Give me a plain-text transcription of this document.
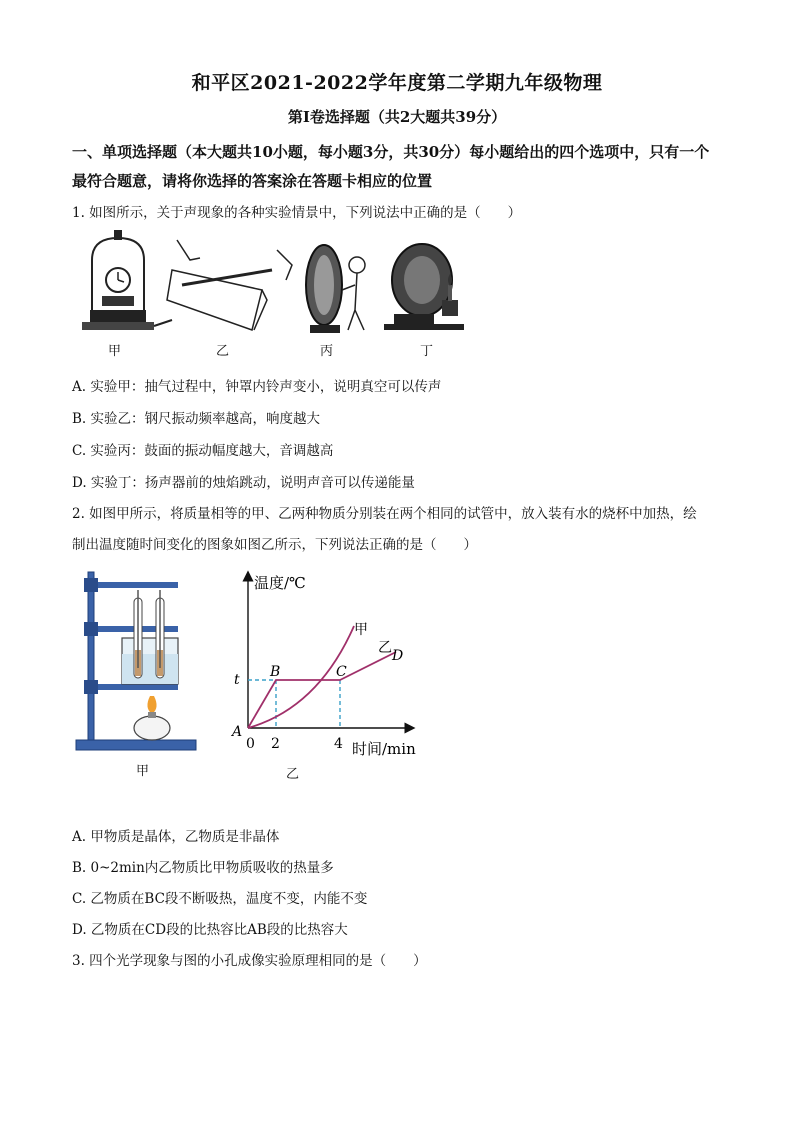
和平区2021-2022学年度第二学期九年级物理
第I卷选择题（共2大题共39分）
一、单项选择题（本大题共10小题，每小题3分，共30分）每小题给出的四个选项中，只有一个最符合题意，请将你选择的答案涂在答题卡相应的位置
1. 如图所示，关于声现象的各种实验情景中，下列说法中正确的是（　　）
甲	乙	丙	丁
A. 实验甲：抽气过程中，钟罩内铃声变小，说明真空可以传声
B. 实验乙：钢尺振动频率越高，响度越大
C. 实验丙：鼓面的振动幅度越大，音调越高
D. 实验丁：扬声器前的烛焰跳动，说明声音可以传递能量
2. 如图甲所示，将质量相等的甲、乙两种物质分别装在两个相同的试管中，放入装有水的烧杯中加热，绘
制出温度随时间变化的图象如图乙所示，下列说法正确的是（　　）
甲
温度/℃
时间/min
t
0 2	4
A
B	C
D
甲
乙
乙
A. 甲物质是晶体，乙物质是非晶体
B. 0~2min内乙物质比甲物质吸收的热量多
C. 乙物质在BC段不断吸热，温度不变，内能不变
D. 乙物质在CD段的比热容比AB段的比热容大
3. 四个光学现象与图的小孔成像实验原理相同的是（　　）
